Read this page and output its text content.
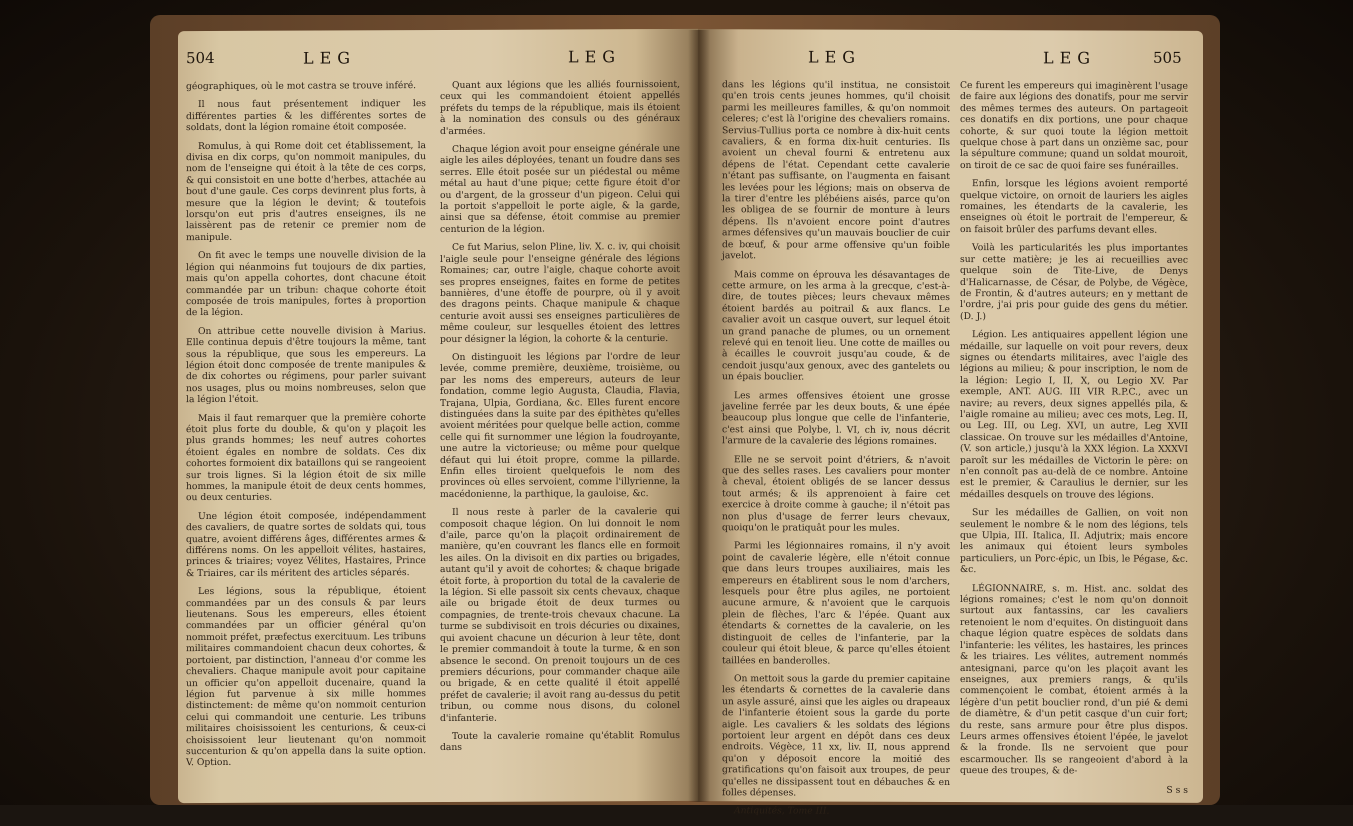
504	LEG	LEG

géographiques, où le mot castra se trouve inféré.

Il nous faut présentement indiquer les différentes parties & les différentes sortes de soldats, dont la légion romaine étoit composée.

Romulus, à qui Rome doit cet établissement, la divisa en dix corps, qu'on nommoit manipules, du nom de l'enseigne qui étoit à la tête de ces corps, & qui consistoit en une botte d'herbes, attachée au bout d'une gaule. Ces corps devinrent plus forts, à mesure que la légion le devint; & toutefois lorsqu'on eut pris d'autres enseignes, ils ne laissèrent pas de retenir ce premier nom de manipule.

On fit avec le temps une nouvelle division de la légion qui néanmoins fut toujours de dix parties, mais qu'on appella cohortes, dont chacune étoit commandée par un tribun: chaque cohorte étoit composée de trois manipules, fortes à proportion de la légion.

On attribue cette nouvelle division à Marius. Elle continua depuis d'être toujours la même, tant sous la république, que sous les empereurs. La légion étoit donc composée de trente manipules & de dix cohortes ou régimens, pour parler suivant nos usages, plus ou moins nombreuses, selon que la légion l'étoit.

Mais il faut remarquer que la première cohorte étoit plus forte du double, & qu'on y plaçoit les plus grands hommes; les neuf autres cohortes étoient égales en nombre de soldats. Ces dix cohortes formoient dix bataillons qui se rangeoient sur trois lignes. Si la légion étoit de six mille hommes, la manipule étoit de deux cents hommes, ou deux centuries.

Une légion étoit composée, indépendamment des cavaliers, de quatre sortes de soldats qui, tous quatre, avoient différens âges, différentes armes & différens noms. On les appelloit vélites, hastaires, princes & triaires; voyez Vélites, Hastaires, Prince & Triaires, car ils méritent des articles séparés.

Les légions, sous la république, étoient commandées par un des consuls & par leurs lieutenans. Sous les empereurs, elles étoient commandées par un officier général qu'on nommoit préfet, præfectus exercituum. Les tribuns militaires commandoient chacun deux cohortes, & portoient, par distinction, l'anneau d'or comme les chevaliers. Chaque manipule avoit pour capitaine un officier qu'on appelloit ducenaire, quand la légion fut parvenue à six mille hommes distinctement: de même qu'on nommoit centurion celui qui commandoit une centurie. Les tribuns militaires choisissoient les centurions, & ceux-ci choisissoient leur lieutenant qu'on nommoit succenturion & qu'on appella dans la suite option. V. Option.

Quant aux légions que les alliés fournissoient, ceux qui les commandoient étoient appellés préfets du temps de la république, mais ils étoient à la nomination des consuls ou des généraux d'armées.

Chaque légion avoit pour enseigne générale une aigle les ailes déployées, tenant un foudre dans ses serres. Elle étoit posée sur un piédestal ou même métal au haut d'une pique; cette figure étoit d'or ou d'argent, de la grosseur d'un pigeon. Celui qui la portoit s'appelloit le porte aigle, & la garde, ainsi que sa défense, étoit commise au premier centurion de la légion.

Ce fut Marius, selon Pline, liv. X. c. iv, qui choisit l'aigle seule pour l'enseigne générale des légions Romaines; car, outre l'aigle, chaque cohorte avoit ses propres enseignes, faites en forme de petites bannières, d'une étoffe de pourpre, où il y avoit des dragons peints. Chaque manipule & chaque centurie avoit aussi ses enseignes particulières de même couleur, sur lesquelles étoient des lettres pour désigner la légion, la cohorte & la centurie.

On distinguoit les légions par l'ordre de leur levée, comme première, deuxième, troisième, ou par les noms des empereurs, auteurs de leur fondation, comme legio Augusta, Claudia, Flavia, Trajana, Ulpia, Gordiana, &c. Elles furent encore distinguées dans la suite par des épithètes qu'elles avoient méritées pour quelque belle action, comme celle qui fit surnommer une légion la foudroyante, une autre la victorieuse; ou même pour quelque défaut qui lui étoit propre, comme la pillarde. Enfin elles tiroient quelquefois le nom des provinces où elles servoient, comme l'illyrienne, la macédonienne, la parthique, la gauloise, &c.

Il nous reste à parler de la cavalerie qui composoit chaque légion. On lui donnoit le nom d'aile, parce qu'on la plaçoit ordinairement de manière, qu'en couvrant les flancs elle en formoit les ailes. On la divisoit en dix parties ou brigades, autant qu'il y avoit de cohortes; & chaque brigade étoit forte, à proportion du total de la cavalerie de la légion. Si elle passoit six cents chevaux, chaque aile ou brigade étoit de deux turmes ou compagnies, de trente-trois chevaux chacune. La turme se subdivisoit en trois décuries ou dixaines, qui avoient chacune un décurion à leur tête, dont le premier commandoit à toute la turme, & en son absence le second. On prenoit toujours un de ces premiers décurions, pour commander chaque aile ou brigade, & en cette qualité il étoit appellé préfet de cavalerie; il avoit rang au-dessus du petit tribun, ou comme nous disons, du colonel d'infanterie.

Toute la cavalerie romaine qu'établit Romulus dans

LEG	LEG	505

dans les légions qu'il institua, ne consistoit qu'en trois cents jeunes hommes, qu'il choisit parmi les meilleures familles, & qu'on nommoit celeres; c'est là l'origine des chevaliers romains. Servius-Tullius porta ce nombre à dix-huit cents cavaliers, & en forma dix-huit centuries. Ils avoient un cheval fourni & entretenu aux dépens de l'état. Cependant cette cavalerie n'étant pas suffisante, on l'augmenta en faisant les levées pour les légions; mais on observa de la tirer d'entre les plébéiens aisés, parce qu'on les obligea de se fournir de monture à leurs dépens. Ils n'avoient encore point d'autres armes défensives qu'un mauvais bouclier de cuir de bœuf, & pour arme offensive qu'un foible javelot.

Mais comme on éprouva les désavantages de cette armure, on les arma à la grecque, c'est-à-dire, de toutes pièces; leurs chevaux mêmes étoient bardés au poitrail & aux flancs. Le cavalier avoit un casque ouvert, sur lequel étoit un grand panache de plumes, ou un ornement relevé qui en tenoit lieu. Une cotte de mailles ou à écailles le couvroit jusqu'au coude, & de cendoit jusqu'aux genoux, avec des gantelets ou un épais bouclier.

Les armes offensives étoient une grosse javeline ferrée par les deux bouts, & une épée beaucoup plus longue que celle de l'infanterie, c'est ainsi que Polybe, l. VI, ch iv, nous décrit l'armure de la cavalerie des légions romaines.

Elle ne se servoit point d'étriers, & n'avoit que des selles rases. Les cavaliers pour monter à cheval, étoient obligés de se lancer dessus tout armés; & ils apprenoient à faire cet exercice à droite comme à gauche; il n'étoit pas non plus d'usage de ferrer leurs chevaux, quoiqu'on le pratiquât pour les mules.

Parmi les légionnaires romains, il n'y avoit point de cavalerie légère, elle n'étoit connue que dans leurs troupes auxiliaires, mais les empereurs en établirent sous le nom d'archers, lesquels pour être plus agiles, ne portoient aucune armure, & n'avoient que le carquois plein de flèches, l'arc & l'épée. Quant aux étendarts & cornettes de la cavalerie, on les distinguoit de celles de l'infanterie, par la couleur qui étoit bleue, & parce qu'elles étoient taillées en banderolles.

On mettoit sous la garde du premier capitaine les étendarts & cornettes de la cavalerie dans un asyle assuré, ainsi que les aigles ou drapeaux de l'infanterie étoient sous la garde du porte aigle. Les cavaliers & les soldats des légions portoient leur argent en dépôt dans ces deux endroits. Végèce, 11 xx, liv. II, nous apprend qu'on y déposoit encore la moitié des gratifications qu'on faisoit aux troupes, de peur qu'elles ne dissipassent tout en débauches & en folles dépenses.

Antiquités, Tome III.

Ce furent les empereurs qui imaginèrent l'usage de faire aux légions des donatifs, pour me servir des mêmes termes des auteurs. On partageoit ces donatifs en dix portions, une pour chaque cohorte, & sur quoi toute la légion mettoit quelque chose à part dans un onzième sac, pour la sépulture commune; quand un soldat mouroit, on tiroit de ce sac de quoi faire ses funérailles.

Enfin, lorsque les légions avoient remporté quelque victoire, on ornoit de lauriers les aigles romaines, les étendarts de la cavalerie, les enseignes où étoit le portrait de l'empereur, & on faisoit brûler des parfums devant elles.

Voilà les particularités les plus importantes sur cette matière; je les ai recueillies avec quelque soin de Tite-Live, de Denys d'Halicarnasse, de César, de Polybe, de Végèce, de Frontin, & d'autres auteurs; en y mettant de l'ordre, j'ai pris pour guide des gens du métier. (D. J.)

Légion. Les antiquaires appellent légion une médaille, sur laquelle on voit pour revers, deux signes ou étendarts militaires, avec l'aigle des légions au milieu; & pour inscription, le nom de la légion: Legio I, II, X, ou Legio XV. Par exemple, ANT. AUG. III VIR R.P.C., avec un navire; au revers, deux signes appellés pila, & l'aigle romaine au milieu; avec ces mots, Leg. II, ou Leg. III, ou Leg. XVI, un autre, Leg XVII classicae. On trouve sur les médailles d'Antoine, (V. son article,) jusqu'à la XXX légion. La XXXVI paroît sur les médailles de Victorin le père: on n'en connoît pas au-delà de ce nombre. Antoine est le premier, & Caraulius le dernier, sur les médailles desquels on trouve des légions.

Sur les médailles de Gallien, on voit non seulement le nombre & le nom des légions, tels que Ulpia, III. Italica, II. Adjutrix; mais encore les animaux qui étoient leurs symboles particuliers, un Porc-épic, un Ibis, le Pégase, &c. &c.

LÉGIONNAIRE, s. m. Hist. anc. soldat des légions romaines; c'est le nom qu'on donnoit surtout aux fantassins, car les cavaliers retenoient le nom d'equites. On distinguoit dans chaque légion quatre espèces de soldats dans l'infanterie: les vélites, les hastaires, les princes & les triaires. Les vélites, autrement nommés antesignani, parce qu'on les plaçoit avant les enseignes, aux premiers rangs, & qu'ils commençoient le combat, étoient armés à la légère d'un petit bouclier rond, d'un pié & demi de diamètre, & d'un petit casque d'un cuir fort; du reste, sans armure pour être plus dispos. Leurs armes offensives étoient l'épée, le javelot & la fronde. Ils ne servoient que pour escarmoucher. Ils se rangeoient d'abord à la queue des troupes, & de-

S s s
